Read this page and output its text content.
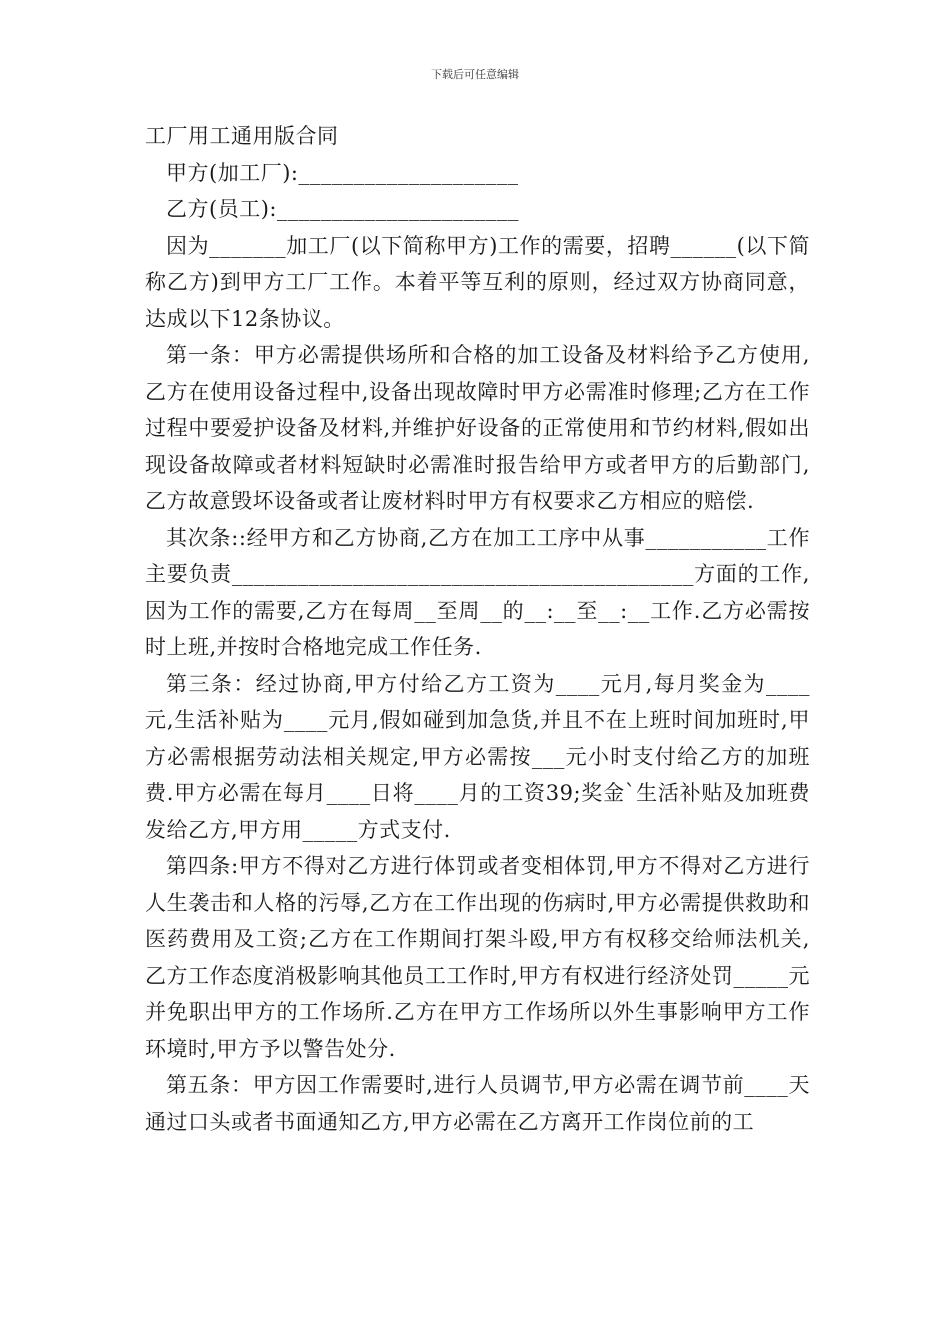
下载后可任意编辑

工厂用工通用版合同

甲方(加工厂):____________________

乙方(员工):______________________

因为_______加工厂(以下简称甲方)工作的需要，招聘______(以下简称乙方)到甲方工厂工作。本着平等互利的原则，经过双方协商同意，达成以下12条协议。

第一条：甲方必需提供场所和合格的加工设备及材料给予乙方使用,乙方在使用设备过程中,设备出现故障时甲方必需准时修理;乙方在工作过程中要爱护设备及材料,并维护好设备的正常使用和节约材料,假如出现设备故障或者材料短缺时必需准时报告给甲方或者甲方的后勤部门,乙方故意毁坏设备或者让废材料时甲方有权要求乙方相应的赔偿.

其次条::经甲方和乙方协商,乙方在加工工序中从事___________工作主要负责__________________________________________方面的工作,因为工作的需要,乙方在每周__至周__的__:__至__:__工作.乙方必需按时上班,并按时合格地完成工作任务.

第三条：经过协商,甲方付给乙方工资为____元月,每月奖金为____元,生活补贴为____元月,假如碰到加急货,并且不在上班时间加班时,甲方必需根据劳动法相关规定,甲方必需按___元小时支付给乙方的加班费.甲方必需在每月____日将____月的工资39;奖金`生活补贴及加班费发给乙方,甲方用_____方式支付.

第四条:甲方不得对乙方进行体罚或者变相体罚,甲方不得对乙方进行人生袭击和人格的污辱,乙方在工作出现的伤病时,甲方必需提供救助和医药费用及工资;乙方在工作期间打架斗殴,甲方有权移交给师法机关,乙方工作态度消极影响其他员工工作时,甲方有权进行经济处罚_____元并免职出甲方的工作场所.乙方在甲方工作场所以外生事影响甲方工作环境时,甲方予以警告处分.

第五条：甲方因工作需要时,进行人员调节,甲方必需在调节前____天通过口头或者书面通知乙方,甲方必需在乙方离开工作岗位前的工
